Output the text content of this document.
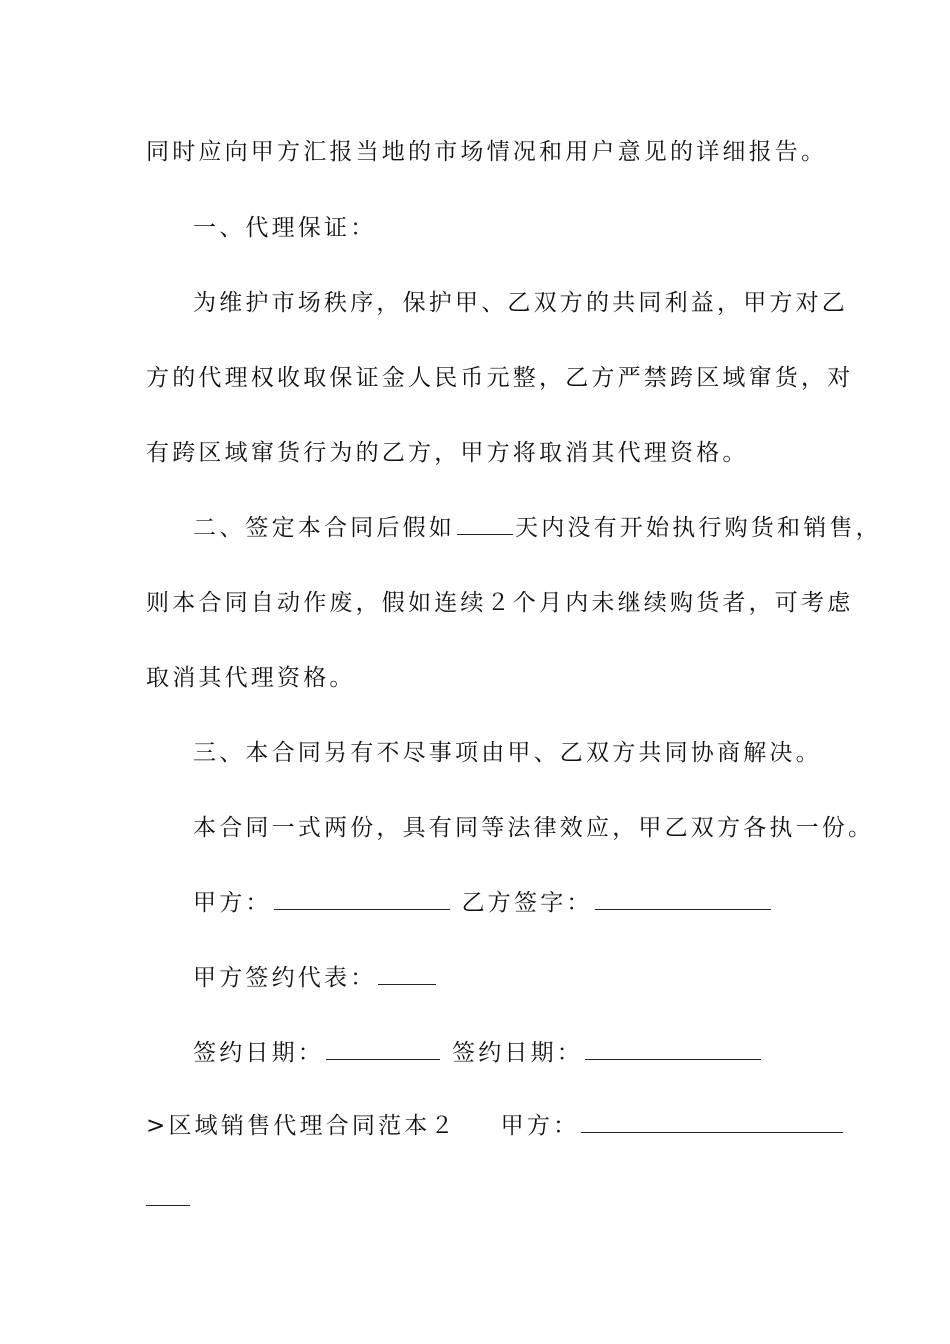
同时应向甲方汇报当地的市场情况和用户意见的详细报告。
一、代理保证：
为维护市场秩序，保护甲、乙双方的共同利益，甲方对乙
方的代理权收取保证金人民币元整，乙方严禁跨区域窜货，对
有跨区域窜货行为的乙方，甲方将取消其代理资格。
二、签定本合同后假如	天内没有开始执行购货和销售，
则本合同自动作废，假如连续２个月内未继续购货者，可考虑
取消其代理资格。
三、本合同另有不尽事项由甲、乙双方共同协商解决。
本合同一式两份，具有同等法律效应，甲乙双方各执一份。
甲方：	乙方签字：
甲方签约代表：
签约日期：	签约日期：
>区域销售代理合同范本２ 甲方：
